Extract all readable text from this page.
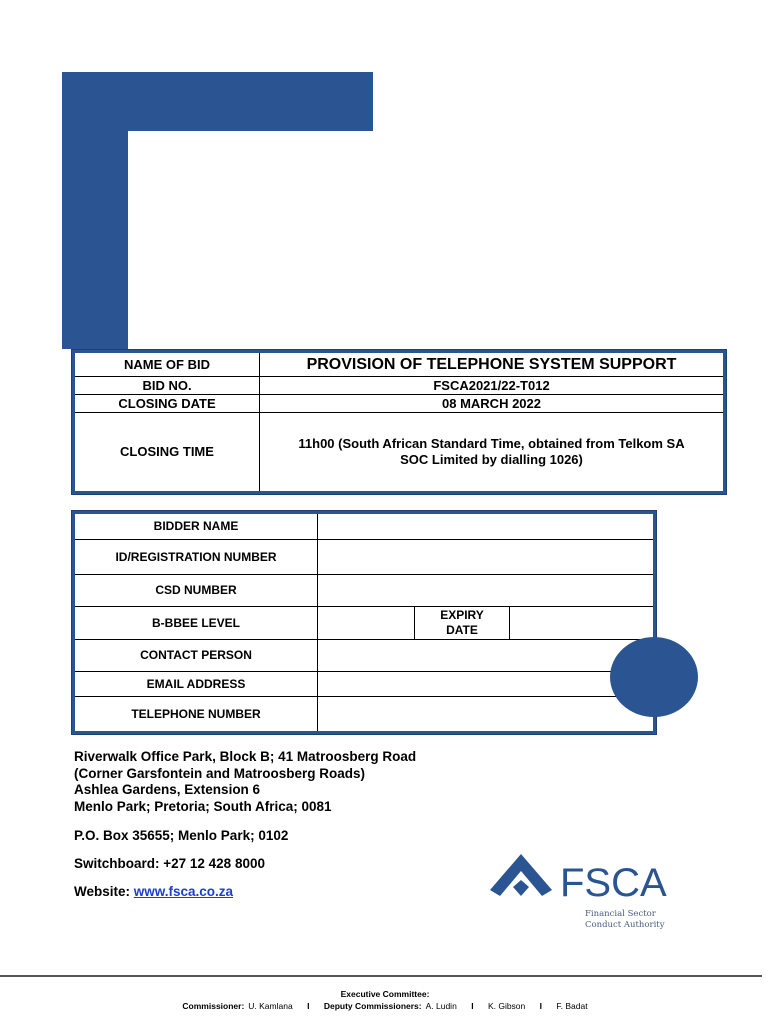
NAME OF BID	PROVISION OF TELEPHONE SYSTEM SUPPORT
BID NO.	FSCA2021/22-T012
CLOSING DATE	08 MARCH 2022
CLOSING TIME	11h00 (South African Standard Time, obtained from Telkom SA SOC Limited by dialling 1026)
BIDDER NAME			
ID/REGISTRATION NUMBER			
CSD NUMBER			
B-BBEE LEVEL		EXPIRY DATE	
CONTACT PERSON			
EMAIL ADDRESS			
TELEPHONE NUMBER			
Riverwalk Office Park, Block B; 41 Matroosberg Road
(Corner Garsfontein and Matroosberg Roads)
Ashlea Gardens, Extension 6
Menlo Park; Pretoria; South Africa; 0081
P.O. Box 35655; Menlo Park; 0102
Switchboard: +27 12 428 8000
Website: www.fsca.co.za	FSCA
Financial Sector
Conduct Authority
Executive Committee:
Commissioner: U. Kamlana I Deputy Commissioners: A. Ludin I K. Gibson I F. Badat
